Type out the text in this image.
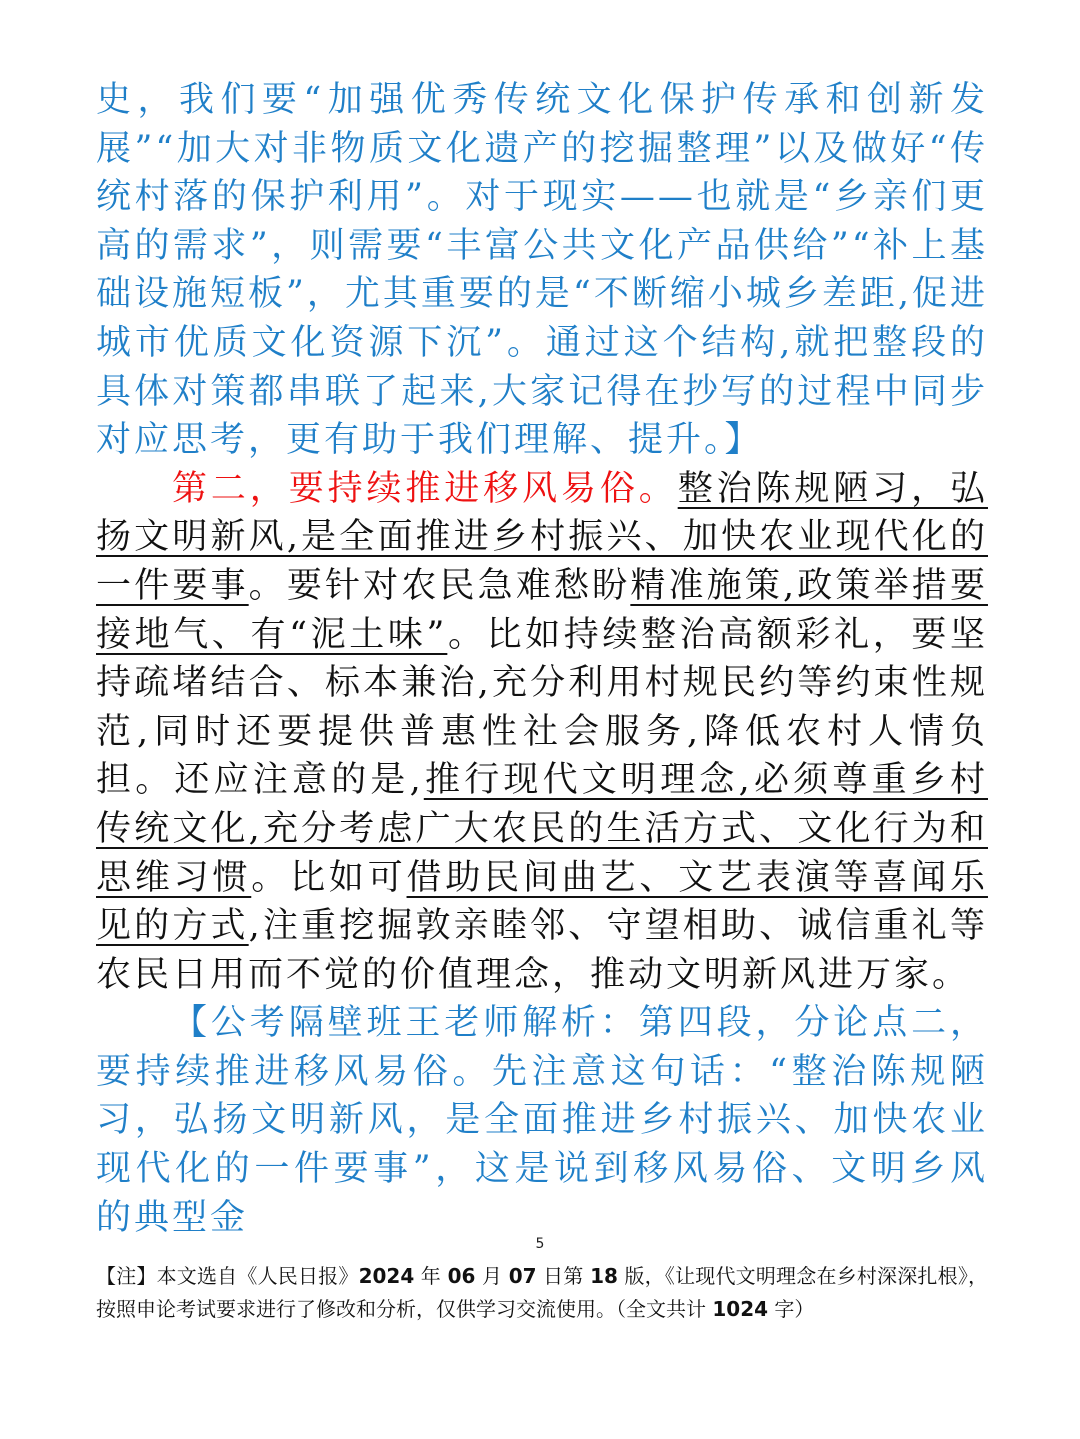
史，我们要“加强优秀传统文化保护传承和创新发展”“加大对非物质文化遗产的挖掘整理”以及做好“传统村落的保护利用”。对于现实——也就是“乡亲们更高的需求”，则需要“丰富公共文化产品供给”“补上基础设施短板”，尤其重要的是“不断缩小城乡差距,促进城市优质文化资源下沉”。通过这个结构,就把整段的具体对策都串联了起来,大家记得在抄写的过程中同步对应思考，更有助于我们理解、提升。】

第二，要持续推进移风易俗。整治陈规陋习，弘扬文明新风,是全面推进乡村振兴、加快农业现代化的一件要事。要针对农民急难愁盼精准施策,政策举措要接地气、有“泥土味”。比如持续整治高额彩礼，要坚持疏堵结合、标本兼治,充分利用村规民约等约束性规范,同时还要提供普惠性社会服务,降低农村人情负担。还应注意的是,推行现代文明理念,必须尊重乡村传统文化,充分考虑广大农民的生活方式、文化行为和思维习惯。比如可借助民间曲艺、文艺表演等喜闻乐见的方式,注重挖掘敦亲睦邻、守望相助、诚信重礼等农民日用而不觉的价值理念，推动文明新风进万家。

【公考隔壁班王老师解析：第四段，分论点二，要持续推进移风易俗。先注意这句话：“整治陈规陋习，弘扬文明新风，是全面推进乡村振兴、加快农业现代化的一件要事”，这是说到移风易俗、文明乡风的典型金

5
【注】本文选自《人民日报》2024 年 06 月 07 日第 18 版，《让现代文明理念在乡村深深扎根》，按照申论考试要求进行了修改和分析，仅供学习交流使用。（全文共计 1024 字）
